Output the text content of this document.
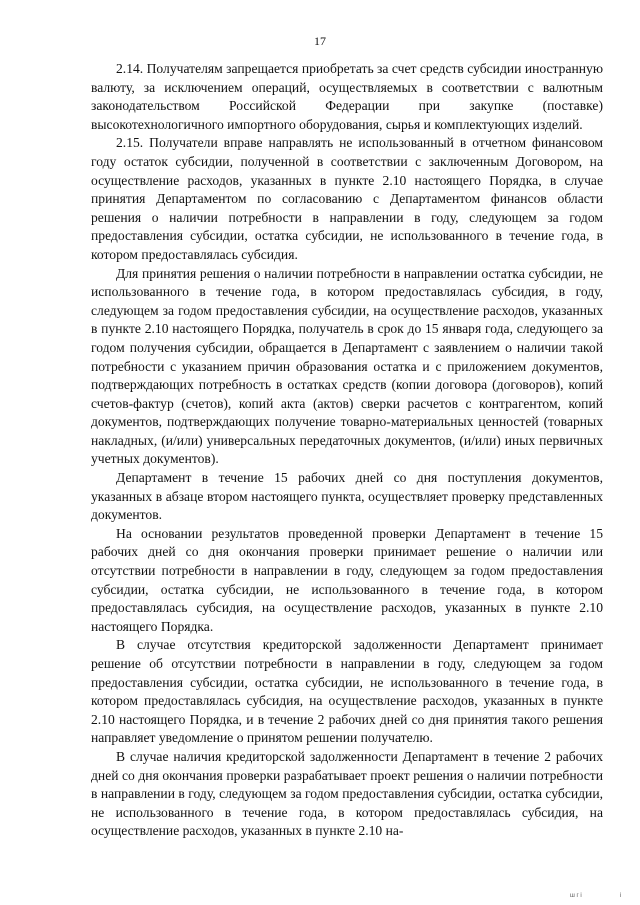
17

2.14. Получателям запрещается приобретать за счет средств субсидии иностранную валюту, за исключением операций, осуществляемых в соответствии с валютным законодательством Российской Федерации при закупке (поставке) высокотехнологичного импортного оборудования, сырья и комплектующих изделий.

2.15. Получатели вправе направлять не использованный в отчетном финансовом году остаток субсидии, полученной в соответствии с заключенным Договором, на осуществление расходов, указанных в пункте 2.10 настоящего Порядка, в случае принятия Департаментом по согласованию с Департаментом финансов области решения о наличии потребности в направлении в году, следующем за годом предоставления субсидии, остатка субсидии, не использованного в течение года, в котором предоставлялась субсидия.

Для принятия решения о наличии потребности в направлении остатка субсидии, не использованного в течение года, в котором предоставлялась субсидия, в году, следующем за годом предоставления субсидии, на осуществление расходов, указанных в пункте 2.10 настоящего Порядка, получатель в срок до 15 января года, следующего за годом получения субсидии, обращается в Департамент с заявлением о наличии такой потребности с указанием причин образования остатка и с приложением документов, подтверждающих потребность в остатках средств (копии договора (договоров), копий счетов-фактур (счетов), копий акта (актов) сверки расчетов с контрагентом, копий документов, подтверждающих получение товарно-материальных ценностей (товарных накладных, (и/или) универсальных передаточных документов, (и/или) иных первичных учетных документов).

Департамент в течение 15 рабочих дней со дня поступления документов, указанных в абзаце втором настоящего пункта, осуществляет проверку представленных документов.

На основании результатов проведенной проверки Департамент в течение 15 рабочих дней со дня окончания проверки принимает решение о наличии или отсутствии потребности в направлении в году, следующем за годом предоставления субсидии, остатка субсидии, не использованного в течение года, в котором предоставлялась субсидия, на осуществление расходов, указанных в пункте 2.10 настоящего Порядка.

В случае отсутствия кредиторской задолженности Департамент принимает решение об отсутствии потребности в направлении в году, следующем за годом предоставления субсидии, остатка субсидии, не использованного в течение года, в котором предоставлялась субсидия, на осуществление расходов, указанных в пункте 2.10 настоящего Порядка, и в течение 2 рабочих дней со дня принятия такого решения направляет уведомление о принятом решении получателю.

В случае наличия кредиторской задолженности Департамент в течение 2 рабочих дней со дня окончания проверки разрабатывает проект решения о наличии потребности в направлении в году, следующем за годом предоставления субсидии, остатка субсидии, не использованного в течение года, в котором предоставлялась субсидия, на осуществление расходов, указанных в пункте 2.10 на-

ш г і	і
